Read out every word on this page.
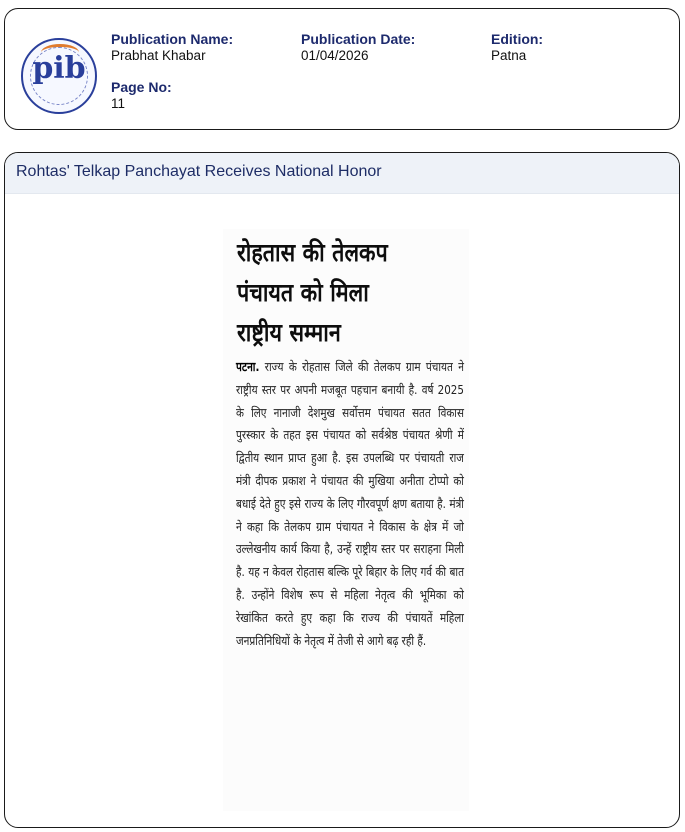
pib
Publication Name:
Prabhat Khabar
Publication Date:
01/04/2026
Edition:
Patna
Page No:
11
Rohtas' Telkap Panchayat Receives National Honor
रोहतास की तेलकप
पंचायत को मिला
राष्ट्रीय सम्मान
पटना. राज्य के रोहतास जिले की तेलकप ग्राम पंचायत ने राष्ट्रीय स्तर पर अपनी मजबूत पहचान बनायी है. वर्ष 2025 के लिए नानाजी देशमुख सर्वोत्तम पंचायत सतत विकास पुरस्कार के तहत इस पंचायत को सर्वश्रेष्ठ पंचायत श्रेणी में द्वितीय स्थान प्राप्त हुआ है. इस उपलब्धि पर पंचायती राज मंत्री दीपक प्रकाश ने पंचायत की मुखिया अनीता टोप्पो को बधाई देते हुए इसे राज्य के लिए गौरवपूर्ण क्षण बताया है. मंत्री ने कहा कि तेलकप ग्राम पंचायत ने विकास के क्षेत्र में जो उल्लेखनीय कार्य किया है, उन्हें राष्ट्रीय स्तर पर सराहना मिली है. यह न केवल रोहतास बल्कि पूरे बिहार के लिए गर्व की बात है. उन्होंने विशेष रूप से महिला नेतृत्व की भूमिका को रेखांकित करते हुए कहा कि राज्य की पंचायतें महिला जनप्रतिनिधियों के नेतृत्व में तेजी से आगे बढ़ रही हैं.
